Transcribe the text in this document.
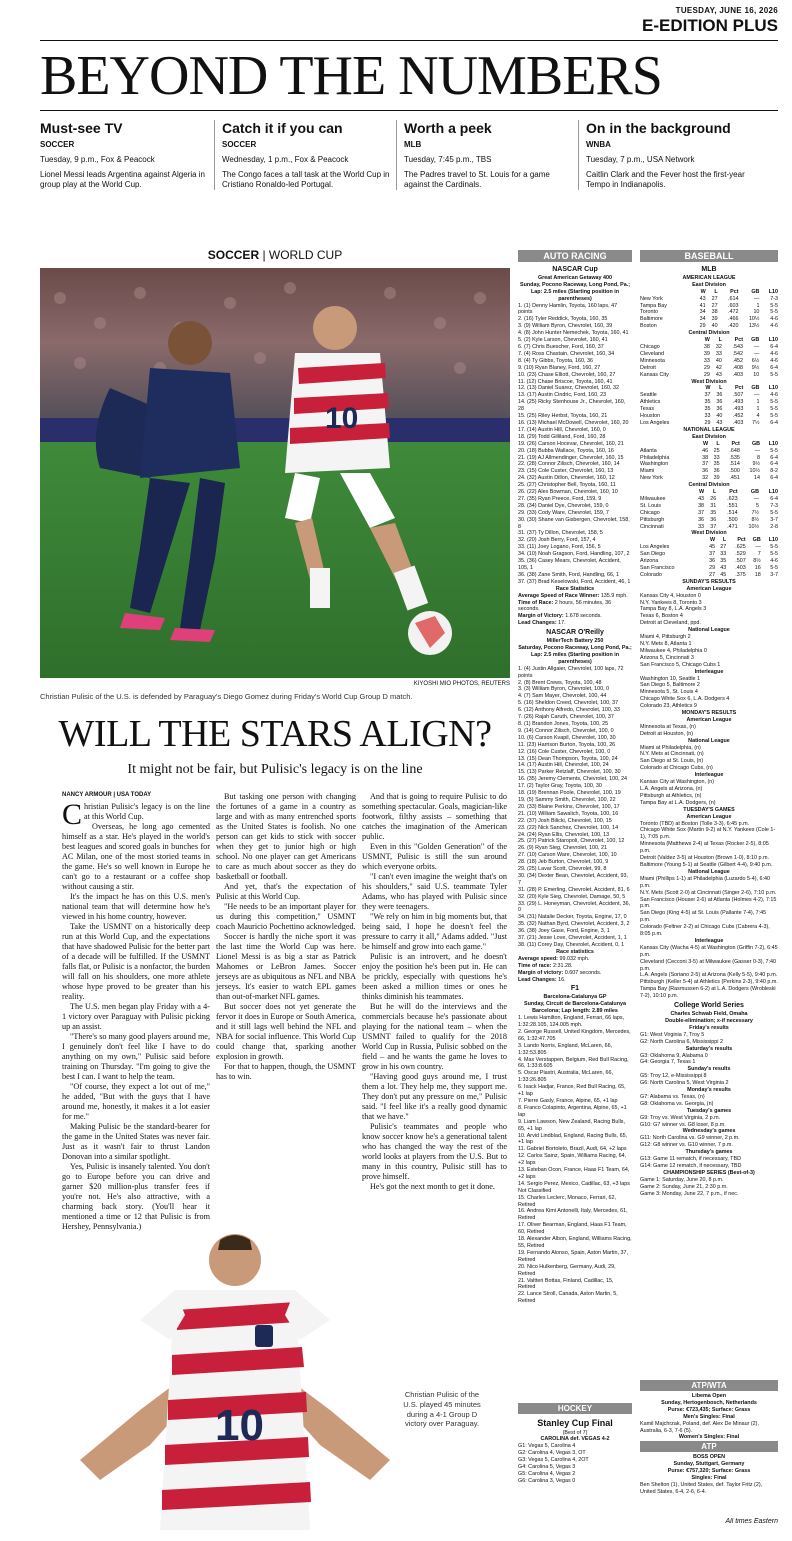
TUESDAY, JUNE 16, 2026
E-EDITION PLUS
BEYOND THE NUMBERS
Must-see TV
SOCCER
Tuesday, 9 p.m., Fox & Peacock
Lionel Messi leads Argentina against Algeria in group play at the World Cup.
Catch it if you can
SOCCER
Wednesday, 1 p.m., Fox & Peacock
The Congo faces a tall task at the World Cup in Cristiano Ronaldo-led Portugal.
Worth a peek
MLB
Tuesday, 7:45 p.m., TBS
The Padres travel to St. Louis for a game against the Cardinals.
On in the background
WNBA
Tuesday, 7 p.m., USA Network
Caitlin Clark and the Fever host the first-year Tempo in Indianapolis.
SOCCER | WORLD CUP
10
KIYOSHI MIO PHOTOS, REUTERS
Christian Pulisic of the U.S. is defended by Paraguay's Diego Gomez during Friday's World Cup Group D match.
WILL THE STARS ALIGN?
It might not be fair, but Pulisic's legacy is on the line
NANCY ARMOUR | USA TODAY
C hristian Pulisic's legacy is on the line at this World Cup.

Overseas, he long ago cemented himself as a star. He's played in the world's best leagues and scored goals in bunches for AC Milan, one of the most storied teams in the game. He's so well known in Europe he can't go to a restaurant or a coffee shop without causing a stir.

It's the impact he has on this U.S. men's national team that will determine how he's viewed in his home country, however.

Take the USMNT on a historically deep run at this World Cup, and the expectations that have shadowed Pulisic for the better part of a decade will be fulfilled. If the USMNT falls flat, or Pulisic is a nonfactor, the burden will fall on his shoulders, one more athlete whose hype proved to be greater than his reality.

The U.S. men began play Friday with a 4-1 victory over Paraguay with Pulisic picking up an assist.

"There's so many good players around me, I genuinely don't feel like I have to do anything on my own," Pulisic said before training on Thursday. "I'm going to give the best I can. I want to help the team.

"Of course, they expect a lot out of me," he added, "But with the guys that I have around me, honestly, it makes it a lot easier for me."

Making Pulisic be the standard-bearer for the game in the United States was never fair. Just as it wasn't fair to thrust Landon Donovan into a similar spotlight.

Yes, Pulisic is insanely talented. You don't go to Europe before you can drive and garner $20 million-plus transfer fees if you're not. He's also attractive, with a charming back story. (You'll hear it mentioned a time or 12 that Pulisic is from Hershey, Pennsylvania.)

But tasking one person with changing the fortunes of a game in a country as large and with as many entrenched sports as the United States is foolish. No one person can get kids to stick with soccer when they get to junior high or high school. No one player can get Americans to care as much about soccer as they do basketball or football.

And yet, that's the expectation of Pulisic at this World Cup.

"He needs to be an important player for us during this competition," USMNT coach Mauricio Pochettino acknowledged.

Soccer is hardly the niche sport it was the last time the World Cup was here. Lionel Messi is as big a star as Patrick Mahomes or LeBron James. Soccer jerseys are as ubiquitous as NFL and NBA jerseys. It's easier to watch EPL games than out-of-market NFL games.

But soccer does not yet generate the fervor it does in Europe or South America, and it still lags well behind the NFL and NBA for social influence. This World Cup could change that, sparking another explosion in growth.

For that to happen, though, the USMNT has to win.

And that is going to require Pulisic to do something spectacular. Goals, magician-like footwork, filthy assists – something that catches the imagination of the American public.

Even in this "Golden Generation" of the USMNT, Pulisic is still the sun around which everyone orbits.

"I can't even imagine the weight that's on his shoulders," said U.S. teammate Tyler Adams, who has played with Pulisic since they were teenagers.

"We rely on him in big moments but, that being said, I hope he doesn't feel the pressure to carry it all," Adams added. "Just be himself and grow into each game."

Pulisic is an introvert, and he doesn't enjoy the position he's been put in. He can be prickly, especially with questions he's been asked a million times or ones he thinks diminish his teammates.

But he will do the interviews and the commercials because he's passionate about playing for the national team – when the USMNT failed to qualify for the 2018 World Cup in Russia, Pulisic sobbed on the field – and he wants the game he loves to grow in his own country.

"Having good guys around me, I trust them a lot. They help me, they support me. They don't put any pressure on me," Pulisic said. "I feel like it's a really good dynamic that we have."

Pulisic's teammates and people who know soccer know he's a generational talent who has changed the way the rest of the world looks at players from the U.S. But to many in this country, Pulisic still has to prove himself.

He's got the next month to get it done.

10
Christian Pulisic of the U.S. played 45 minutes during a 4-1 Group D victory over Paraguay.
AUTO RACING
NASCAR Cup
Great American Getaway 400
Sunday, Pocono Raceway, Long Pond, Pa.; Lap: 2.5 miles (Starting position in parentheses)
1. (1) Denny Hamlin, Toyota, 160 laps, 47 points
2. (16) Tyler Reddick, Toyota, 160, 35
3. (9) William Byron, Chevrolet, 160, 39
4. (8) John Hunter Nemechek, Toyota, 160, 41
5. (2) Kyle Larson, Chevrolet, 160, 41
6. (7) Chris Buescher, Ford, 160, 37
7. (4) Ross Chastain, Chevrolet, 160, 34
8. (4) Ty Gibbs, Toyota, 160, 36
9. (10) Ryan Blaney, Ford, 160, 27
10. (23) Chase Elliott, Chevrolet, 160, 27
11. (12) Chase Briscoe, Toyota, 160, 41
12. (13) Daniel Suarez, Chevrolet, 160, 32
13. (17) Austin Cindric, Ford, 160, 23
14. (25) Ricky Stenhouse Jr., Chevrolet, 160, 28
15. (25) Riley Herbst, Toyota, 160, 21
16. (13) Michael McDowell, Chevrolet, 160, 20
17. (14) Austin Hill, Chevrolet, 160, 0
18. (29) Todd Gilliland, Ford, 160, 28
19. (26) Carson Hocevar, Chevrolet, 160, 21
20. (18) Bubba Wallace, Toyota, 160, 16
21. (19) AJ Allmendinger, Chevrolet, 160, 15
22. (28) Connor Zilisch, Chevrolet, 160, 14
23. (15) Cole Custer, Chevrolet, 160, 13
24. (32) Austin Dillon, Chevrolet, 160, 12
25. (27) Christopher Bell, Toyota, 160, 11
26. (22) Alex Bowman, Chevrolet, 160, 10
27. (35) Ryan Preece, Ford, 159, 9
28. (34) Daniel Dye, Chevrolet, 159, 0
29. (33) Cody Ware, Chevrolet, 159, 7
30. (30) Shane van Gisbergen, Chevrolet, 158, 8
31. (37) Ty Dillon, Chevrolet, 158, 5
32. (20) Josh Berry, Ford, 157, 4
33. (11) Joey Logano, Ford, 156, 5
34. (10) Noah Gragson, Ford, Handling, 107, 2
35. (36) Casey Mears, Chevrolet, Accident, 105, 1
36. (38) Zane Smith, Ford, Handling, 66, 1
37. (37) Brad Keselowski, Ford, Accident, 46, 1
Race Statistics
Average Speed of Race Winner: 135.9 mph.
Time of Race: 2 hours, 56 minutes, 36 seconds.
Margin of Victory: 1.678 seconds.
Lead Changes: 17.
NASCAR O'Reilly
MillerTech Battery 250
Saturday, Pocono Raceway, Long Pond, Pa.; Lap: 2.5 miles (Starting position in parentheses)
1. (4) Justin Allgaier, Chevrolet, 100 laps, 72 points
2. (8) Brent Crews, Toyota, 100, 48
3. (3) William Byron, Chevrolet, 100, 0
4. (7) Sam Mayer, Chevrolet, 100, 44
5. (16) Sheldon Creed, Chevrolet, 100, 37
6. (12) Anthony Alfredo, Chevrolet, 100, 33
7. (26) Rajah Caruth, Chevrolet, 100, 37
8. (1) Brandon Jones, Toyota, 100, 25
9. (14) Connor Zilisch, Chevrolet, 100, 0
10. (6) Carson Kvapil, Chevrolet, 100, 30
11. (23) Harrison Burton, Toyota, 100, 26
12. (16) Cole Custer, Chevrolet, 100, 0
13. (15) Dean Thompson, Toyota, 100, 24
14. (17) Austin Hill, Chevrolet, 100, 24
15. (13) Parker Retzlaff, Chevrolet, 100, 30
16. (35) Jeremy Clements, Chevrolet, 100, 24
17. (2) Taylor Gray, Toyota, 100, 30
18. (19) Brennan Poole, Chevrolet, 100, 19
19. (5) Sammy Smith, Chevrolet, 100, 22
20. (33) Blaine Perkins, Chevrolet, 100, 17
21. (10) William Sawalich, Toyota, 100, 16
22. (37) Josh Bilicki, Chevrolet, 100, 15
23. (22) Nick Sanchez, Chevrolet, 100, 14
24. (24) Ryan Ellis, Chevrolet, 100, 13
25. (27) Patrick Staropoli, Chevrolet, 100, 12
26. (9) Ryan Sieg, Chevrolet, 100, 21
27. (10) Carson Ware, Chevrolet, 100, 10
28. (18) Jeb Burton, Chevrolet, 100, 9
29. (25) Lavar Scott, Chevrolet, 99, 8
30. (34) Dexter Bean, Chevrolet, Accident, 93, 7
31. (28) P. Emerling, Chevrolet, Accident, 81, 6
32. (20) Kyle Sieg, Chevrolet, Damage, 50, 5
33. (29) L. Honeyman, Chevrolet, Accident, 36, 0
34. (31) Natalie Decker, Toyota, Engine, 17, 0
35. (32) Nathan Byrd, Chevrolet, Accident, 3, 2
36. (38) Joey Gase, Ford, Engine, 3, 1
37. (21) Jesse Love, Chevrolet, Accident, 1, 1
38. (11) Corey Day, Chevrolet, Accident, 0, 1
Race statistics
Average speed: 99.032 mph.
Time of race: 2:31.28.
Margin of victory: 0.607 seconds.
Lead Changes: 16.
F1
Barcelona-Catalunya GP
Sunday, Circuit de Barcelona-Catalunya Barcelona; Lap length: 2.89 miles
1. Lewis Hamilton, England, Ferrari, 66 laps, 1:32:28.105, 124.005 mph.
2. George Russell, United Kingdom, Mercedes, 66, 1:32:47.705
3. Lando Norris, England, McLaren, 66, 1:32:53.805
4. Max Verstappen, Belgium, Red Bull Racing, 66, 1:33:8.605
5. Oscar Piastri, Australia, McLaren, 66, 1:33:26.805
6. Isack Hadjar, France, Red Bull Racing, 65, +1 lap
7. Pierre Gasly, France, Alpine, 65, +1 lap
8. Franco Colapinto, Argentina, Alpine, 65, +1 lap
9. Liam Lawson, New Zealand, Racing Bulls, 65, +1 lap
10. Arvid Lindblad, England, Racing Bulls, 65, +1 lap
11. Gabriel Bortoleto, Brazil, Audi, 64, +2 laps
12. Carlos Sainz, Spain, Williams Racing, 64, +2 laps
13. Esteban Ocon, France, Haas F1 Team, 64, +2 laps
14. Sergio Perez, Mexico, Cadillac, 63, +3 laps
Not Classified
15. Charles Leclerc, Monaco, Ferrari, 62, Retired
16. Andrea Kimi Antonelli, Italy, Mercedes, 61, Retired
17. Oliver Bearman, England, Haas F1 Team, 60, Retired
18. Alexander Albon, England, Williams Racing, 55, Retired
19. Fernando Alonso, Spain, Aston Martin, 37, Retired
20. Nico Hulkenberg, Germany, Audi, 29, Retired
21. Valtteri Bottas, Finland, Cadillac, 15, Retired
22. Lance Stroll, Canada, Aston Martin, 5, Retired
HOCKEY
Stanley Cup Final
(Best of 7)
CAROLINA def. VEGAS 4-2
G1: Vegas 5, Carolina 4
G2: Carolina 4, Vegas 3, OT
G3: Vegas 5, Carolina 4, 2OT
G4: Carolina 5, Vegas 3
G5: Carolina 4, Vegas 2
G6: Carolina 3, Vegas 0
BASEBALL
MLB
AMERICAN LEAGUE
East Division
	W	L	Pct	GB	L10
New York	43	27	.614	—	7-3
Tampa Bay	41	27	.603	1	5-5
Toronto	34	38	.472	10	5-5
Baltimore	34	39	.466	10½	4-6
Boston	29	40	.420	13½	4-6
Central Division
	W	L	Pct	GB	L10
Chicago	38	32	.543	—	6-4
Cleveland	39	33	.542	—	4-6
Minnesota	33	40	.452	6½	4-6
Detroit	29	42	.408	9½	6-4
Kansas City	29	43	.403	10	5-5
West Division
	W	L	Pct	GB	L10
Seattle	37	36	.507	—	4-6
Athletics	35	36	.493	1	5-5
Texas	35	36	.493	1	5-5
Houston	33	40	.452	4	5-5
Los Angeles	29	43	.403	7½	6-4
NATIONAL LEAGUE
East Division
	W	L	Pct	GB	L10
Atlanta	46	25	.648	—	5-5
Philadelphia	38	33	.535	8	6-4
Washington	37	35	.514	9½	6-4
Miami	36	36	.500	10½	8-2
New York	32	39	.451	14	6-4
Central Division
	W	L	Pct	GB	L10
Milwaukee	43	26	.623	—	6-4
St. Louis	38	31	.551	5	7-3
Chicago	37	35	.514	7½	5-5
Pittsburgh	36	36	.500	8½	3-7
Cincinnati	33	37	.471	10½	2-8
West Division
	W	L	Pct	GB	L10
Los Angeles	45	27	.625	—	5-5
San Diego	37	33	.529	7	5-5
Arizona	36	35	.507	8½	4-6
San Francisco	29	43	.403	16	5-5
Colorado	27	45	.375	18	3-7
SUNDAY'S RESULTS
American League
Kansas City 4, Houston 0
N.Y. Yankees 8, Toronto 3
Tampa Bay 8, L.A. Angels 3
Texas 6, Boston 4
Detroit at Cleveland, ppd.
National League
Miami 4, Pittsburgh 2
N.Y. Mets 8, Atlanta 1
Milwaukee 4, Philadelphia 0
Arizona 5, Cincinnati 3
San Francisco 5, Chicago Cubs 1
Interleague
Washington 10, Seattle 1
San Diego 5, Baltimore 2
Minnesota 5, St. Louis 4
Chicago White Sox 6, L.A. Dodgers 4
Colorado 23, Athletics 9
MONDAY'S RESULTS
American League
Minnesota at Texas, (n)
Detroit at Houston, (n)
National League
Miami at Philadelphia, (n)
N.Y. Mets at Cincinnati, (n)
San Diego at St. Louis, (n)
Colorado at Chicago Cubs, (n)
Interleague
Kansas City at Washington, (n)
L.A. Angels at Arizona, (n)
Pittsburgh at Athletics, (n)
Tampa Bay at L.A. Dodgers, (n)
TUESDAY'S GAMES
American League
Toronto (TBD) at Boston (Tolle 3-3), 6:45 p.m.
Chicago White Sox (Martin 9-2) at N.Y. Yankees (Cole 1-1), 7:05 p.m.
Minnesota (Matthews 2-4) at Texas (Rocker 2-5), 8:05 p.m.
Detroit (Valdez 3-5) at Houston (Brown 1-0), 8:10 p.m.
Baltimore (Young 5-1) at Seattle (Gilbert 4-4), 9:40 p.m.
National League
Miami (Phillips 1-1) at Philadelphia (Luzardo 5-4), 6:40 p.m.
N.Y. Mets (Scott 2-0) at Cincinnati (Singer 2-6), 7:10 p.m.
San Francisco (Houser 2-6) at Atlanta (Holmes 4-2), 7:15 p.m.
San Diego (King 4-5) at St. Louis (Pallante 7-4), 7:45 p.m.
Colorado (Feltner 2-2) at Chicago Cubs (Cabrera 4-3), 8:05 p.m.
Interleague
Kansas City (Wacha 4-5) at Washington (Griffin 7-2), 6:45 p.m.
Cleveland (Cecconi 3-5) at Milwaukee (Gasser 0-3), 7:40 p.m.
L.A. Angels (Soriano 2-5) at Arizona (Kelly 5-5), 9:40 p.m.
Pittsburgh (Keller 5-4) at Athletics (Perkins 2-3), 9:40 p.m.
Tampa Bay (Rasmussen 6-2) at L.A. Dodgers (Wrobleski 7-2), 10:10 p.m.
College World Series
Charles Schwab Field, Omaha
Double-elimination; x-if necessary
Friday's results
G1: West Virginia 7, Troy 5
G2: North Carolina 6, Mississippi 2
Saturday's results
G3: Oklahoma 9, Alabama 0
G4: Georgia 7, Texas 1
Sunday's results
G5: Troy 12, e-Mississippi 8
G6: North Carolina 5, West Virginia 2
Monday's results
G7: Alabama vs. Texas, (n)
G8: Oklahoma vs. Georgia, (n)
Tuesday's games
G9: Troy vs. West Virginia, 2 p.m.
G10: G7 winner vs. G8 loser, 8 p.m.
Wednesday's games
G11: North Carolina vs. G9 winner, 2 p.m.
G12: G8 winner vs. G10 winner, 7 p.m.
Thursday's games
G13: Game 11 rematch, if necessary, TBD
G14: Game 12 rematch, if necessary, TBD
CHAMPIONSHIP SERIES (Best-of-3)
Game 1: Saturday, June 20, 8 p.m.
Game 2: Sunday, June 21, 2:30 p.m.
Game 3: Monday, June 22, 7 p.m., if nec.
ATP/WTA
Libema Open
Sunday, Hertogenbosch, Netherlands
Purse: €723,435; Surface: Grass
Men's Singles: Final
Kamil Majchrzak, Poland, def. Alex De Minaur (2), Australia, 6-3, 7-6 (5).
Women's Singles: Final
ATP
BOSS OPEN
Sunday, Stuttgart, Germany
Purse: €757,320; Surface: Grass
Singles: Final
Ben Shelton (1), United States, def. Taylor Fritz (2), United States, 6-4, 2-6, 6-4.
All times Eastern
